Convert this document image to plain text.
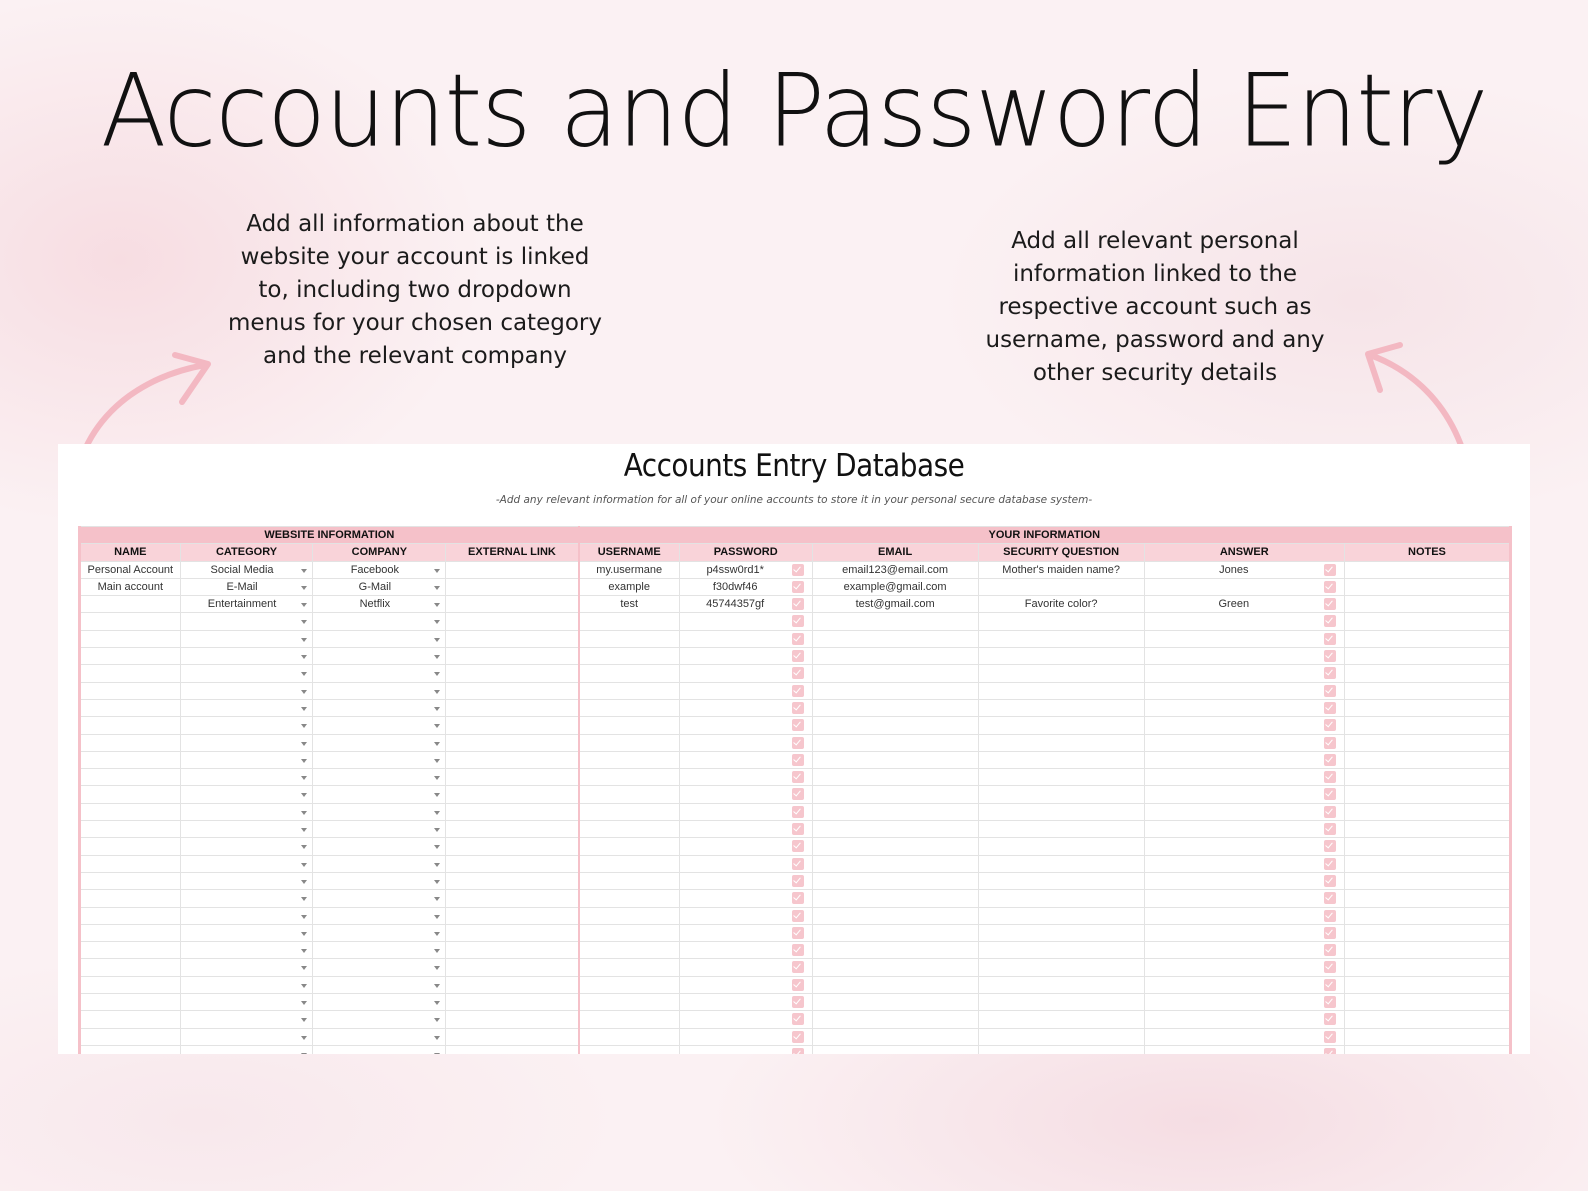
Accounts and Password Entry
Add all information about the website your account is linked to, including two dropdown menus for your chosen category and the relevant company
Add all relevant personal information linked to the respective account such as username, password and any other security details
Accounts Entry Database
-Add any relevant information for all of your online accounts to store it in your personal secure database system-
WEBSITE INFORMATION				YOUR INFORMATION					
NAME	CATEGORY	COMPANY	EXTERNAL LINK	USERNAME	PASSWORD	EMAIL	SECURITY QUESTION	ANSWER	NOTES
Personal Account	Social Media	Facebook		my.usermane	p4ssw0rd1*	email123@email.com	Mother's maiden name?	Jones

Main account	E-Mail	G-Mail		example	f30dwf46	example@gmail.com		

	Entertainment	Netflix		test	45744357gf	test@gmail.com	Favorite color?	Green
